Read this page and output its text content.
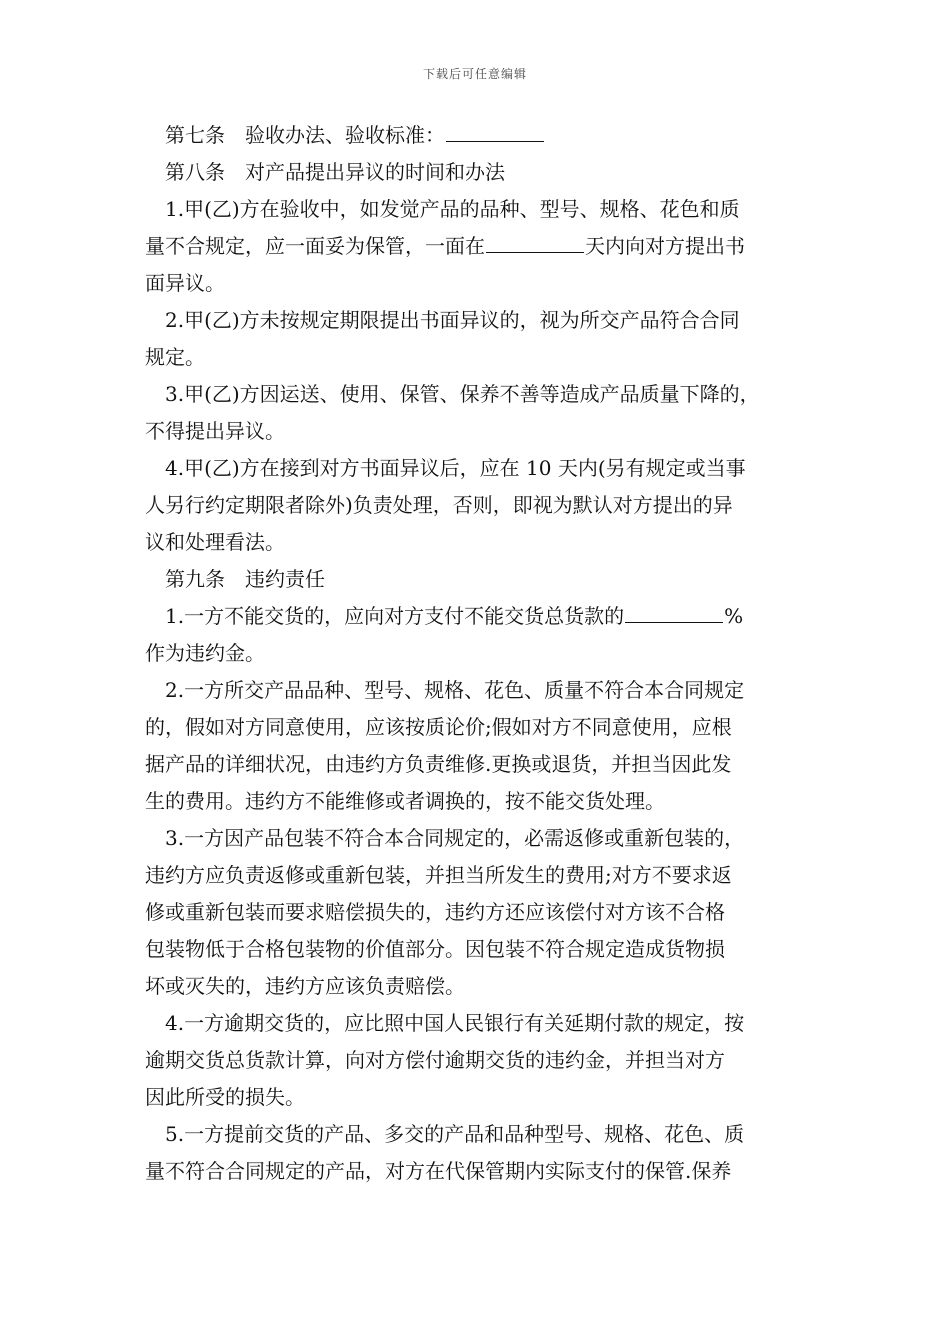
下载后可任意编辑
第七条　验收办法、验收标准：
第八条　对产品提出异议的时间和办法
1.甲(乙)方在验收中，如发觉产品的品种、型号、规格、花色和质
量不合规定，应一面妥为保管，一面在	天内向对方提出书
面异议。
2.甲(乙)方未按规定期限提出书面异议的，视为所交产品符合合同
规定。
3.甲(乙)方因运送、使用、保管、保养不善等造成产品质量下降的，
不得提出异议。
4.甲(乙)方在接到对方书面异议后，应在 10 天内(另有规定或当事
人另行约定期限者除外)负责处理，否则，即视为默认对方提出的异
议和处理看法。
第九条　违约责任
1.一方不能交货的，应向对方支付不能交货总货款的	%
作为违约金。
2.一方所交产品品种、型号、规格、花色、质量不符合本合同规定
的，假如对方同意使用，应该按质论价;假如对方不同意使用，应根
据产品的详细状况，由违约方负责维修.更换或退货，并担当因此发
生的费用。违约方不能维修或者调换的，按不能交货处理。
3.一方因产品包装不符合本合同规定的，必需返修或重新包装的，
违约方应负责返修或重新包装，并担当所发生的费用;对方不要求返
修或重新包装而要求赔偿损失的，违约方还应该偿付对方该不合格
包装物低于合格包装物的价值部分。因包装不符合规定造成货物损
坏或灭失的，违约方应该负责赔偿。
4.一方逾期交货的，应比照中国人民银行有关延期付款的规定，按
逾期交货总货款计算，向对方偿付逾期交货的违约金，并担当对方
因此所受的损失。
5.一方提前交货的产品、多交的产品和品种型号、规格、花色、质
量不符合合同规定的产品，对方在代保管期内实际支付的保管.保养
